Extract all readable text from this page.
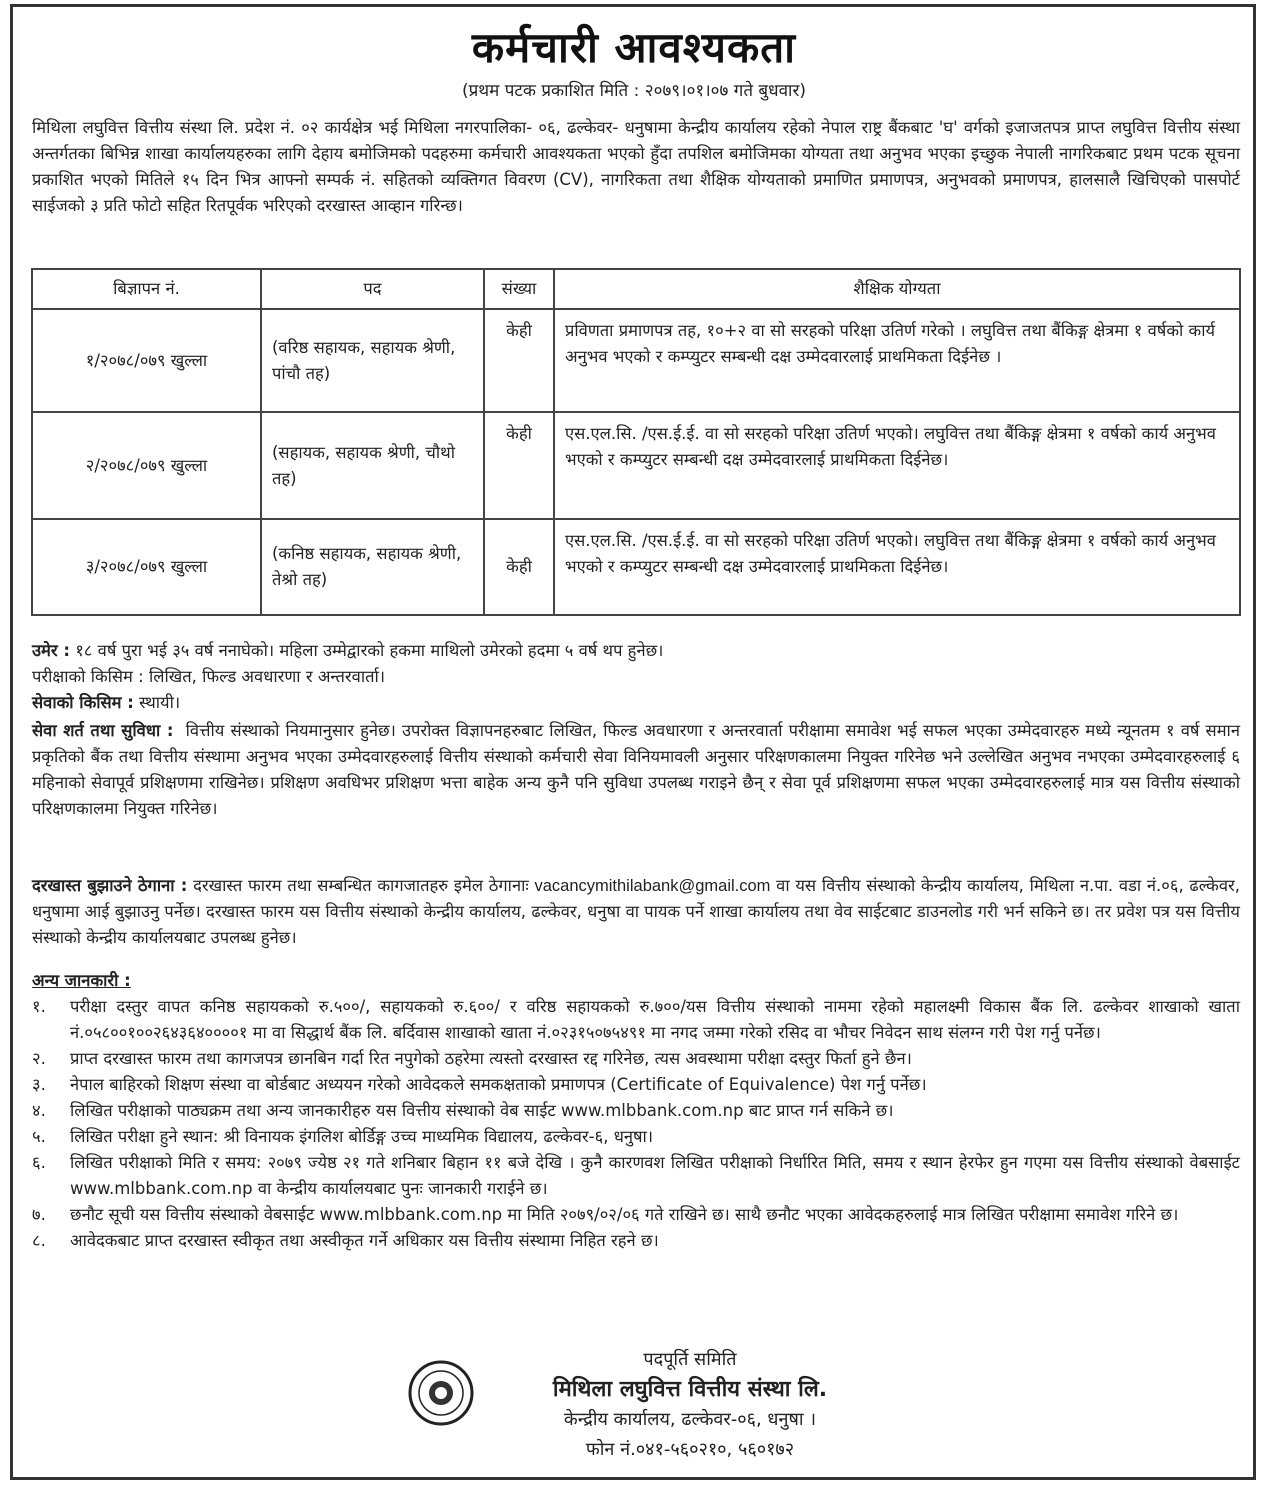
कर्मचारी आवश्यकता
(प्रथम पटक प्रकाशित मिति : २०७९।०१।०७ गते बुधवार)
मिथिला लघुवित्त वित्तीय संस्था लि. प्रदेश नं. ०२ कार्यक्षेत्र भई मिथिला नगरपालिका- ०६, ढल्केवर- धनुषामा केन्द्रीय कार्यालय रहेको नेपाल राष्ट्र बैंकबाट 'घ' वर्गको इजाजतपत्र प्राप्त लघुवित्त वित्तीय संस्था अन्तर्गतका बिभिन्न शाखा कार्यालयहरुका लागि देहाय बमोजिमको पदहरुमा कर्मचारी आवश्यकता भएको हुँदा तपशिल बमोजिमका योग्यता तथा अनुभव भएका इच्छुक नेपाली नागरिकबाट प्रथम पटक सूचना प्रकाशित भएको मितिले १५ दिन भित्र आफ्नो सम्पर्क नं. सहितको व्यक्तिगत विवरण (CV), नागरिकता तथा शैक्षिक योग्यताको प्रमाणित प्रमाणपत्र, अनुभवको प्रमाणपत्र, हालसालै खिचिएको पासपोर्ट साईजको ३ प्रति फोटो सहित रितपूर्वक भरिएको दरखास्त आव्हान गरिन्छ।
बिज्ञापन नं.	पद	संख्या	शैक्षिक योग्यता
१/२०७८/०७९ खुल्ला	(वरिष्ठ सहायक, सहायक श्रेणी, पांचौ तह)	केही	प्रविणता प्रमाणपत्र तह, १०+२ वा सो सरहको परिक्षा उतिर्ण गरेको । लघुवित्त तथा बैंकिङ्ग क्षेत्रमा १ वर्षको कार्य अनुभव भएको र कम्प्युटर सम्बन्धी दक्ष उम्मेदवारलाई प्राथमिकता दिईनेछ ।
२/२०७८/०७९ खुल्ला	(सहायक, सहायक श्रेणी, चौथो तह)	केही	एस.एल.सि. /एस.ई.ई. वा सो सरहको परिक्षा उतिर्ण भएको। लघुवित्त तथा बैंकिङ्ग क्षेत्रमा १ वर्षको कार्य अनुभव भएको र कम्प्युटर सम्बन्धी दक्ष उम्मेदवारलाई प्राथमिकता दिईनेछ।
३/२०७८/०७९ खुल्ला	(कनिष्ठ सहायक, सहायक श्रेणी, तेश्रो तह)	केही	एस.एल.सि. /एस.ई.ई. वा सो सरहको परिक्षा उतिर्ण भएको। लघुवित्त तथा बैंकिङ्ग क्षेत्रमा १ वर्षको कार्य अनुभव भएको र कम्प्युटर सम्बन्धी दक्ष उम्मेदवारलाई प्राथमिकता दिईनेछ।
उमेर : १८ वर्ष पुरा भई ३५ वर्ष ननाघेको। महिला उम्मेद्वारको हकमा माथिलो उमेरको हदमा ५ वर्ष थप हुनेछ।
परीक्षाको किसिम : लिखित, फिल्ड अवधारणा र अन्तरवार्ता।
सेवाको किसिम : स्थायी।
सेवा शर्त तथा सुविधा : वित्तीय संस्थाको नियमानुसार हुनेछ। उपरोक्त विज्ञापनहरुबाट लिखित, फिल्ड अवधारणा र अन्तरवार्ता परीक्षामा समावेश भई सफल भएका उम्मेदवारहरु मध्ये न्यूनतम १ वर्ष समान प्रकृतिको बैंक तथा वित्तीय संस्थामा अनुभव भएका उम्मेदवारहरुलाई वित्तीय संस्थाको कर्मचारी सेवा विनियमावली अनुसार परिक्षणकालमा नियुक्त गरिनेछ भने उल्लेखित अनुभव नभएका उम्मेदवारहरुलाई ६ महिनाको सेवापूर्व प्रशिक्षणमा राखिनेछ। प्रशिक्षण अवधिभर प्रशिक्षण भत्ता बाहेक अन्य कुनै पनि सुविधा उपलब्ध गराइने छैन् र सेवा पूर्व प्रशिक्षणमा सफल भएका उम्मेदवारहरुलाई मात्र यस वित्तीय संस्थाको परिक्षणकालमा नियुक्त गरिनेछ।
दरखास्त बुझाउने ठेगाना : दरखास्त फारम तथा सम्बन्धित कागजातहरु इमेल ठेगानाः vacancymithilabank@gmail.com वा यस वित्तीय संस्थाको केन्द्रीय कार्यालय, मिथिला न.पा. वडा नं.०६, ढल्केवर, धनुषामा आई बुझाउनु पर्नेछ। दरखास्त फारम यस वित्तीय संस्थाको केन्द्रीय कार्यालय, ढल्केवर, धनुषा वा पायक पर्ने शाखा कार्यालय तथा वेव साईटबाट डाउनलोड गरी भर्न सकिने छ। तर प्रवेश पत्र यस वित्तीय संस्थाको केन्द्रीय कार्यालयबाट उपलब्ध हुनेछ।
अन्य जानकारी :
१.	परीक्षा दस्तुर वापत कनिष्ठ सहायकको रु.५००/, सहायकको रु.६००/ र वरिष्ठ सहायकको रु.७००/यस वित्तीय संस्थाको नाममा रहेको महालक्ष्मी विकास बैंक लि. ढल्केवर शाखाको खाता नं.०५८००१००२६४३६४००००१ मा वा सिद्धार्थ बैंक लि. बर्दिवास शाखाको खाता नं.०२३१५०७५४९१ मा नगद जम्मा गरेको रसिद वा भौचर निवेदन साथ संलग्न गरी पेश गर्नु पर्नेछ।
२.	प्राप्त दरखास्त फारम तथा कागजपत्र छानबिन गर्दा रित नपुगेको ठहरेमा त्यस्तो दरखास्त रद्द गरिनेछ, त्यस अवस्थामा परीक्षा दस्तुर फिर्ता हुने छैन।
३.	नेपाल बाहिरको शिक्षण संस्था वा बोर्डबाट अध्ययन गरेको आवेदकले समकक्षताको प्रमाणपत्र (Certificate of Equivalence) पेश गर्नु पर्नेछ।
४.	लिखित परीक्षाको पाठ्यक्रम तथा अन्य जानकारीहरु यस वित्तीय संस्थाको वेब साईट www.mlbbank.com.np बाट प्राप्त गर्न सकिने छ।
५.	लिखित परीक्षा हुने स्थान: श्री विनायक इंगलिश बोर्डिङ्ग उच्च माध्यमिक विद्यालय, ढल्केवर-६, धनुषा।
६.	लिखित परीक्षाको मिति र समय: २०७९ ज्येष्ठ २१ गते शनिबार बिहान ११ बजे देखि । कुनै कारणवश लिखित परीक्षाको निर्धारित मिति, समय र स्थान हेरफेर हुन गएमा यस वित्तीय संस्थाको वेबसाईट www.mlbbank.com.np वा केन्द्रीय कार्यालयबाट पुनः जानकारी गराईने छ।
७.	छनौट सूची यस वित्तीय संस्थाको वेबसाईट www.mlbbank.com.np मा मिति २०७९/०२/०६ गते राखिने छ। साथै छनौट भएका आवेदकहरुलाई मात्र लिखित परीक्षामा समावेश गरिने छ।
८.	आवेदकबाट प्राप्त दरखास्त स्वीकृत तथा अस्वीकृत गर्ने अधिकार यस वित्तीय संस्थामा निहित रहने छ।
पदपूर्ति समिति
मिथिला लघुवित्त वित्तीय संस्था लि.
केन्द्रीय कार्यालय, ढल्केवर-०६, धनुषा ।
फोन नं.०४१-५६०२१०, ५६०१७२
